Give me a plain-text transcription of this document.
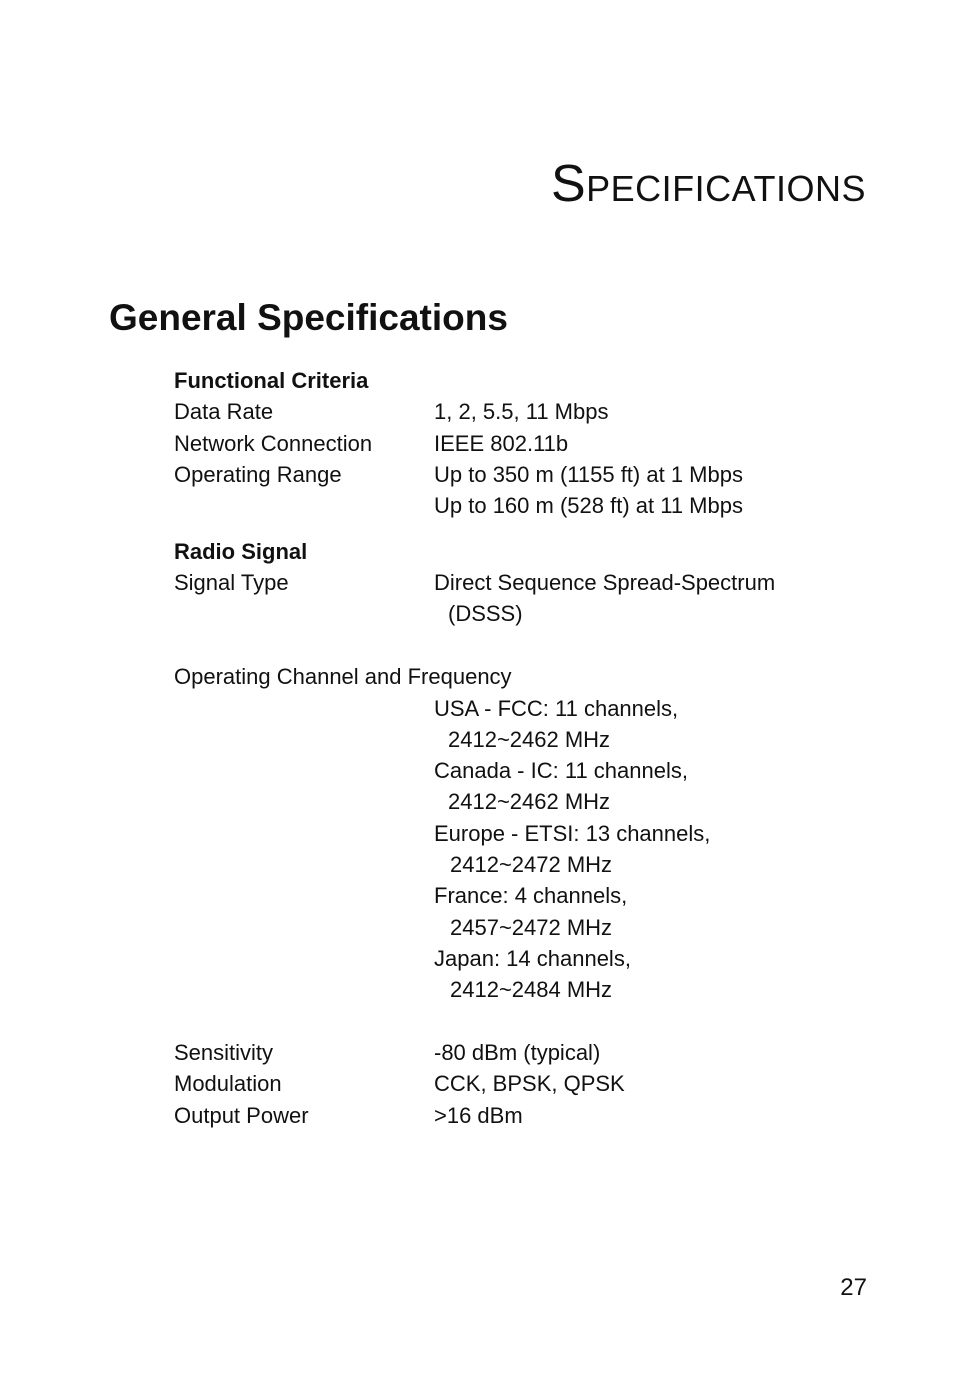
Specifications
General Specifications
Functional Criteria
Data Rate	1, 2, 5.5, 11 Mbps
Network Connection	IEEE 802.11b
Operating Range	Up to 350 m (1155 ft) at 1 Mbps
Up to 160 m (528 ft) at 11 Mbps
Radio Signal
Signal Type	Direct Sequence Spread-Spectrum
(DSSS)
Operating Channel and Frequency
USA - FCC: 11 channels,
2412~2462 MHz
Canada - IC: 11 channels,
2412~2462 MHz
Europe - ETSI: 13 channels,
2412~2472 MHz
France: 4 channels,
2457~2472 MHz
Japan: 14 channels,
2412~2484 MHz
Sensitivity	-80 dBm (typical)
Modulation	CCK, BPSK, QPSK
Output Power	>16 dBm
27
